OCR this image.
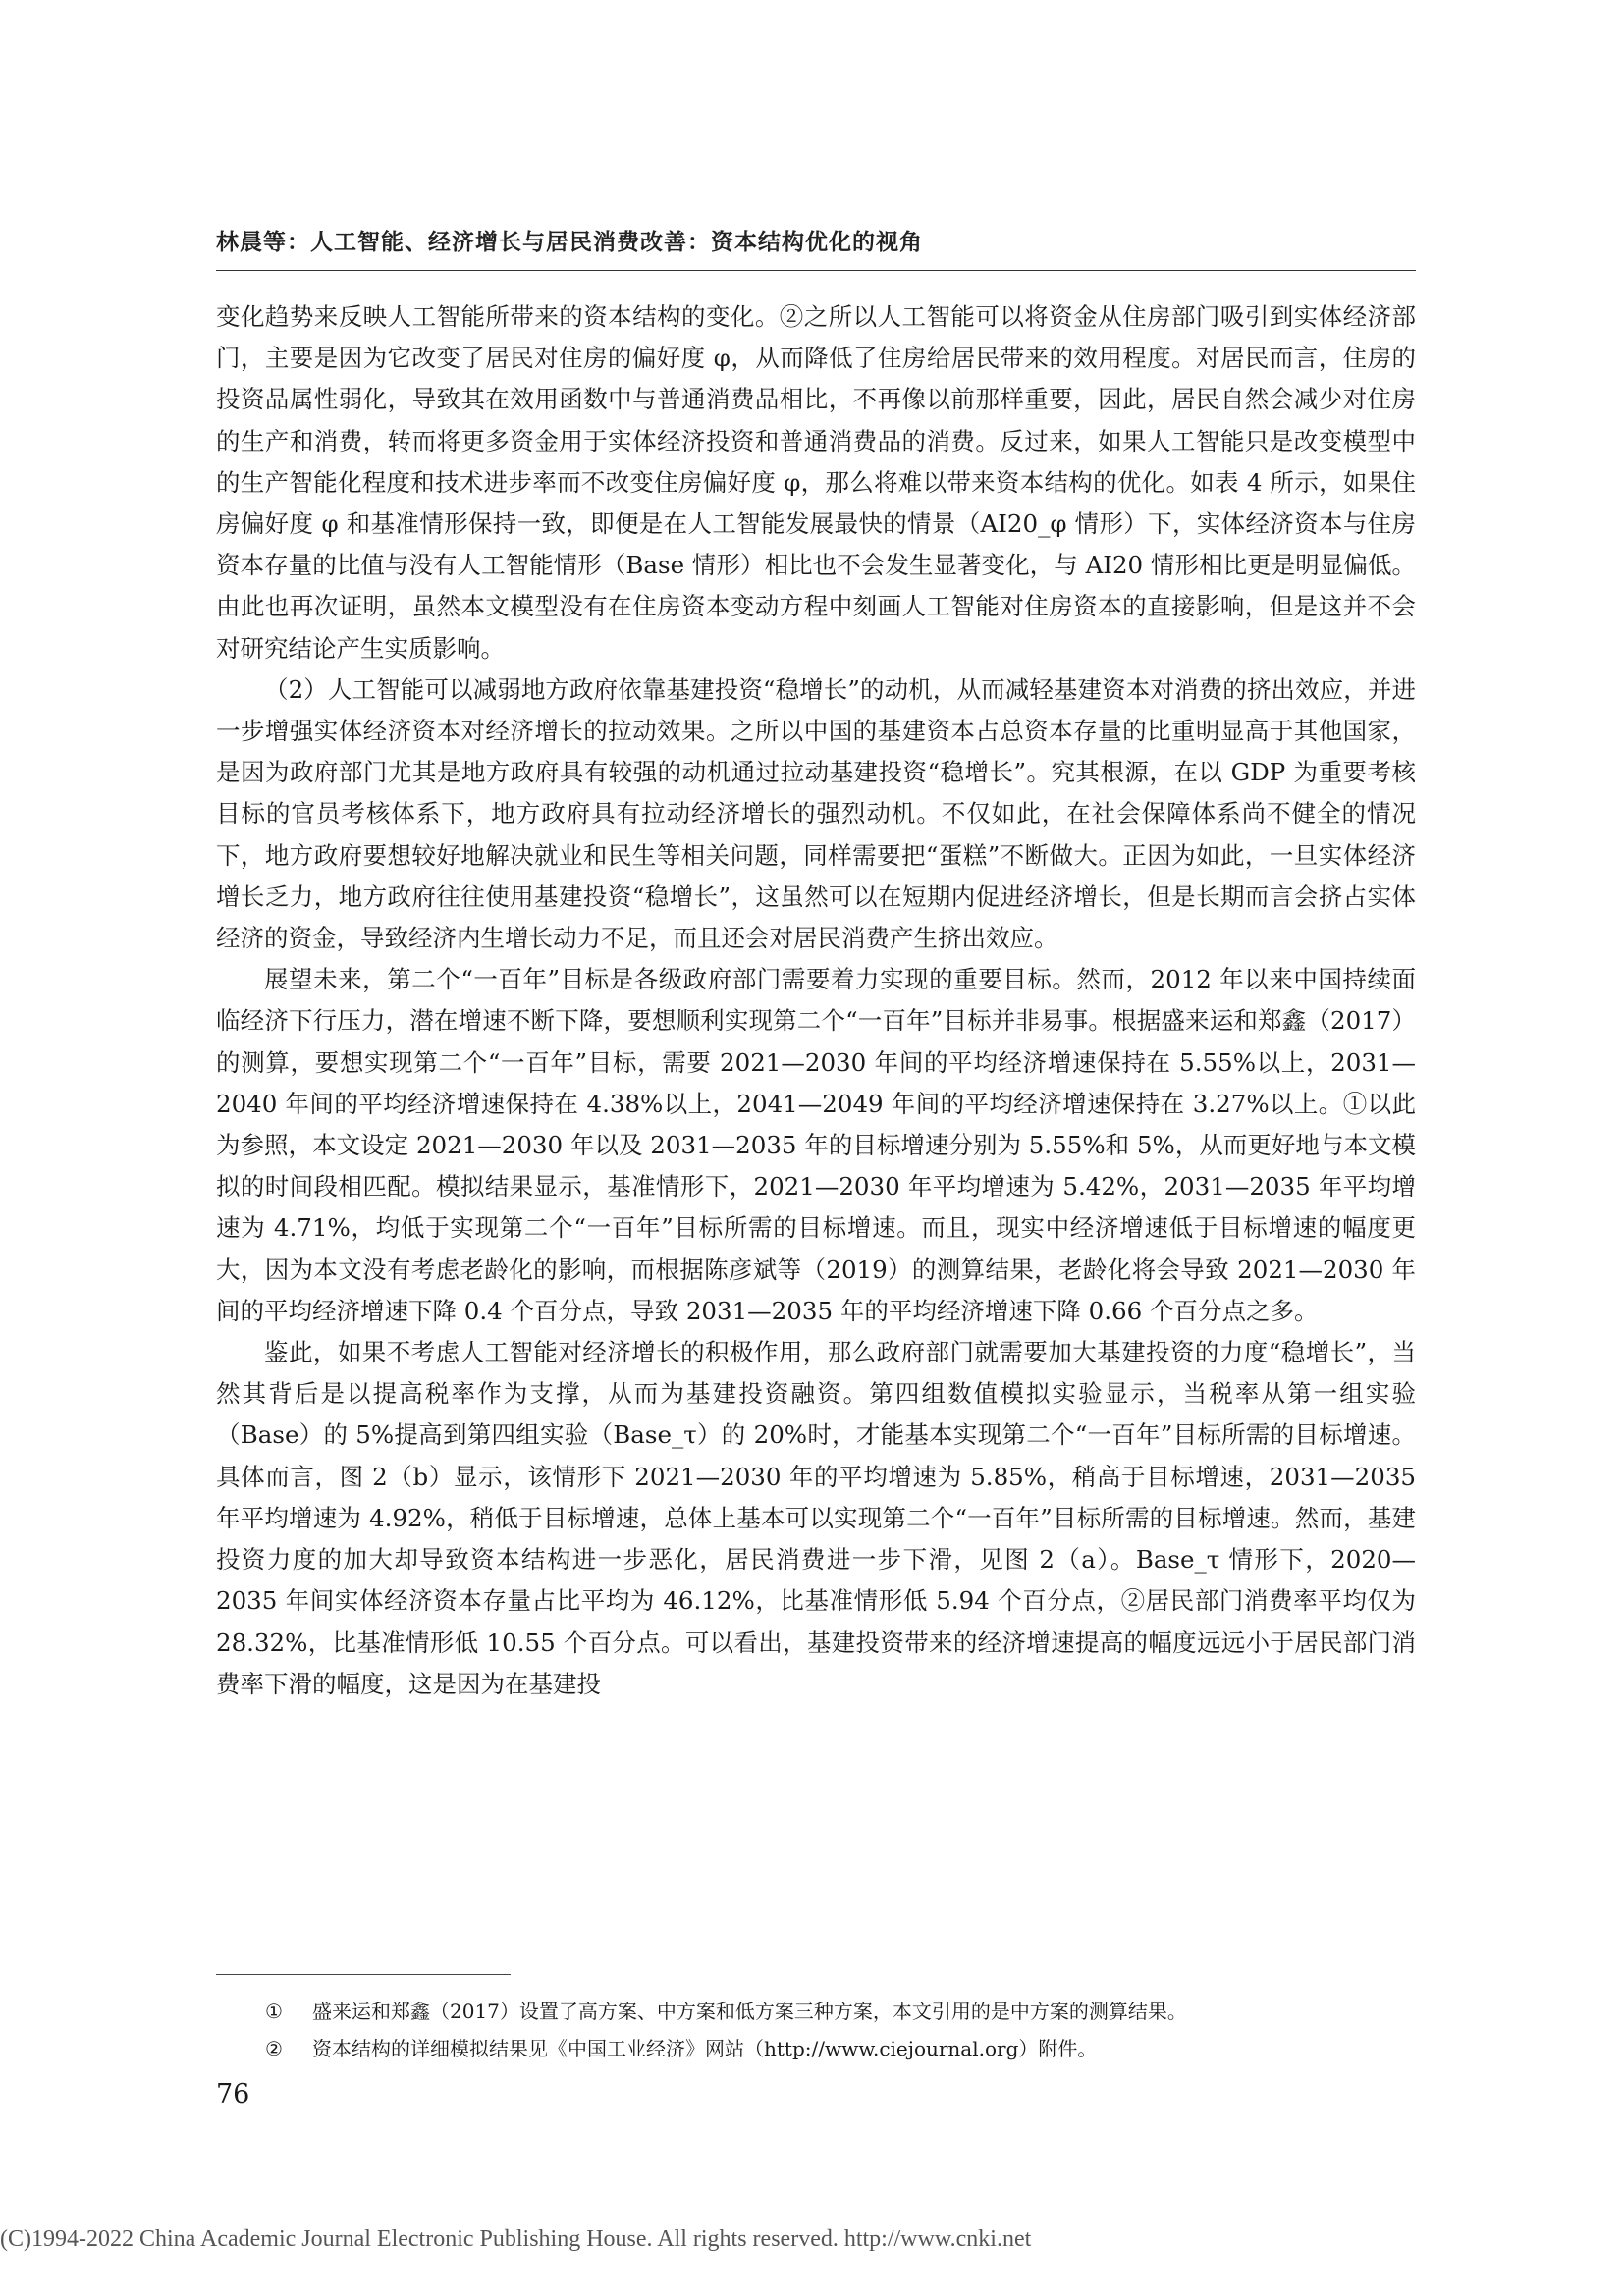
林晨等：人工智能、经济增长与居民消费改善：资本结构优化的视角

变化趋势来反映人工智能所带来的资本结构的变化。②之所以人工智能可以将资金从住房部门吸引到实体经济部门，主要是因为它改变了居民对住房的偏好度 φ，从而降低了住房给居民带来的效用程度。对居民而言，住房的投资品属性弱化，导致其在效用函数中与普通消费品相比，不再像以前那样重要，因此，居民自然会减少对住房的生产和消费，转而将更多资金用于实体经济投资和普通消费品的消费。反过来，如果人工智能只是改变模型中的生产智能化程度和技术进步率而不改变住房偏好度 φ，那么将难以带来资本结构的优化。如表 4 所示，如果住房偏好度 φ 和基准情形保持一致，即便是在人工智能发展最快的情景（AI20_φ 情形）下，实体经济资本与住房资本存量的比值与没有人工智能情形（Base 情形）相比也不会发生显著变化，与 AI20 情形相比更是明显偏低。由此也再次证明，虽然本文模型没有在住房资本变动方程中刻画人工智能对住房资本的直接影响，但是这并不会对研究结论产生实质影响。

（2）人工智能可以减弱地方政府依靠基建投资“稳增长”的动机，从而减轻基建资本对消费的挤出效应，并进一步增强实体经济资本对经济增长的拉动效果。之所以中国的基建资本占总资本存量的比重明显高于其他国家，是因为政府部门尤其是地方政府具有较强的动机通过拉动基建投资“稳增长”。究其根源，在以 GDP 为重要考核目标的官员考核体系下，地方政府具有拉动经济增长的强烈动机。不仅如此，在社会保障体系尚不健全的情况下，地方政府要想较好地解决就业和民生等相关问题，同样需要把“蛋糕”不断做大。正因为如此，一旦实体经济增长乏力，地方政府往往使用基建投资“稳增长”，这虽然可以在短期内促进经济增长，但是长期而言会挤占实体经济的资金，导致经济内生增长动力不足，而且还会对居民消费产生挤出效应。

展望未来，第二个“一百年”目标是各级政府部门需要着力实现的重要目标。然而，2012 年以来中国持续面临经济下行压力，潜在增速不断下降，要想顺利实现第二个“一百年”目标并非易事。根据盛来运和郑鑫（2017）的测算，要想实现第二个“一百年”目标，需要 2021—2030 年间的平均经济增速保持在 5.55%以上，2031—2040 年间的平均经济增速保持在 4.38%以上，2041—2049 年间的平均经济增速保持在 3.27%以上。①以此为参照，本文设定 2021—2030 年以及 2031—2035 年的目标增速分别为 5.55%和 5%，从而更好地与本文模拟的时间段相匹配。模拟结果显示，基准情形下，2021—2030 年平均增速为 5.42%，2031—2035 年平均增速为 4.71%，均低于实现第二个“一百年”目标所需的目标增速。而且，现实中经济增速低于目标增速的幅度更大，因为本文没有考虑老龄化的影响，而根据陈彦斌等（2019）的测算结果，老龄化将会导致 2021—2030 年间的平均经济增速下降 0.4 个百分点，导致 2031—2035 年的平均经济增速下降 0.66 个百分点之多。

鉴此，如果不考虑人工智能对经济增长的积极作用，那么政府部门就需要加大基建投资的力度“稳增长”，当然其背后是以提高税率作为支撑，从而为基建投资融资。第四组数值模拟实验显示，当税率从第一组实验（Base）的 5%提高到第四组实验（Base_τ）的 20%时，才能基本实现第二个“一百年”目标所需的目标增速。具体而言，图 2（b）显示，该情形下 2021—2030 年的平均增速为 5.85%，稍高于目标增速，2031—2035 年平均增速为 4.92%，稍低于目标增速，总体上基本可以实现第二个“一百年”目标所需的目标增速。然而，基建投资力度的加大却导致资本结构进一步恶化，居民消费进一步下滑，见图 2（a）。Base_τ 情形下，2020—2035 年间实体经济资本存量占比平均为 46.12%，比基准情形低 5.94 个百分点，②居民部门消费率平均仅为 28.32%，比基准情形低 10.55 个百分点。可以看出，基建投资带来的经济增速提高的幅度远远小于居民部门消费率下滑的幅度，这是因为在基建投

①	盛来运和郑鑫（2017）设置了高方案、中方案和低方案三种方案，本文引用的是中方案的测算结果。
②	资本结构的详细模拟结果见《中国工业经济》网站（http://www.ciejournal.org）附件。
76
(C)1994-2022 China Academic Journal Electronic Publishing House. All rights reserved. http://www.cnki.net
